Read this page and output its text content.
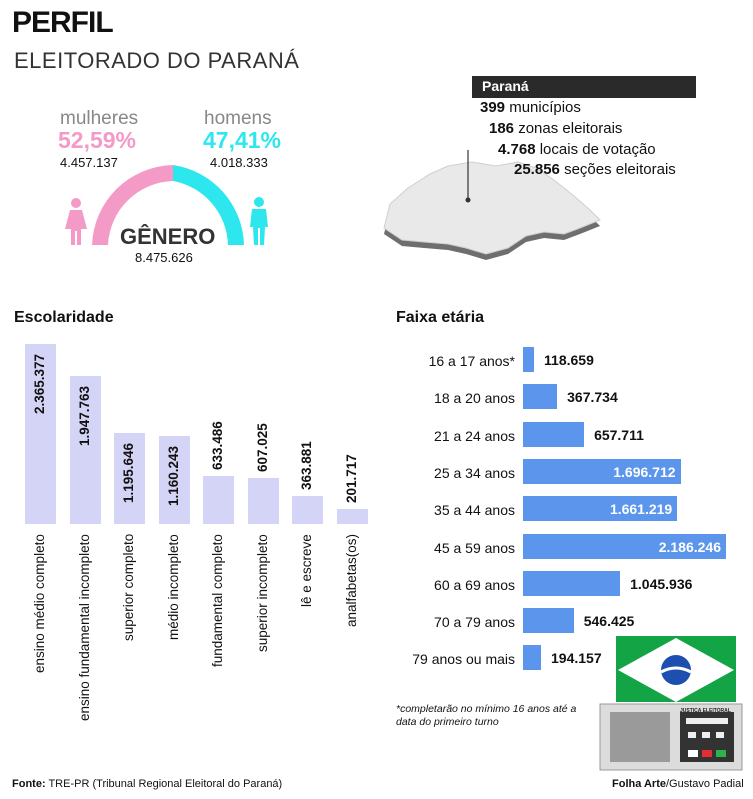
PERFIL
ELEITORADO DO PARANÁ
mulheres
52,59%
4.457.137
homens
47,41%
4.018.333
GÊNERO
8.475.626
Paraná
399 municípios
186 zonas eleitorais
4.768 locais de votação
25.856 seções eleitorais
Escolaridade
2.365.377
ensino médio completo
1.947.763
ensino fundamental incompleto
1.195.646
superior completo
1.160.243
médio incompleto
633.486
fundamental completo
607.025
superior incompleto
363.881
lê e escreve
201.717
analfabetas(os)
Faixa etária
16 a 17 anos* 118.659
18 a 20 anos	367.734
21 a 24 anos	657.711
25 a 34 anos	1.696.712
35 a 44 anos	1.661.219
45 a 59 anos	2.186.246
60 a 69 anos	1.045.936
70 a 79 anos	546.425
79 anos ou mais	194.157
JUSTIÇA ELEITORAL
*completarão no mínimo 16 anos até a data do primeiro turno
Fonte: TRE-PR (Tribunal Regional Eleitoral do Paraná)	Folha Arte/Gustavo Padial
